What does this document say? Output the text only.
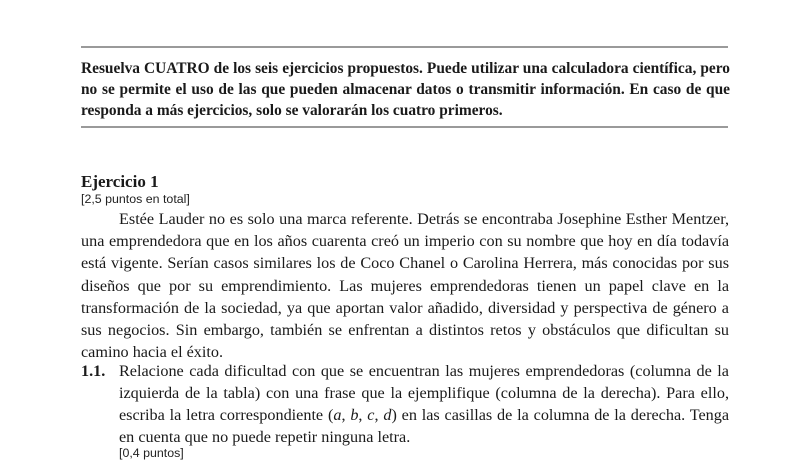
Resuelva CUATRO de los seis ejercicios propuestos. Puede utilizar una calculadora científica, pero no se permite el uso de las que pueden almacenar datos o transmitir información. En caso de que responda a más ejercicios, solo se valorarán los cuatro primeros.

Ejercicio 1
[2,5 puntos en total]

Estée Lauder no es solo una marca referente. Detrás se encontraba Josephine Esther Mentzer, una emprendedora que en los años cuarenta creó un imperio con su nombre que hoy en día todavía está vigente. Serían casos similares los de Coco Chanel o Carolina Herrera, más conocidas por sus diseños que por su emprendimiento. Las mujeres emprendedoras tienen un papel clave en la transformación de la sociedad, ya que aportan valor añadido, diversidad y perspectiva de género a sus negocios. Sin embargo, también se enfrentan a distintos retos y obstáculos que dificultan su camino hacia el éxito.

1.1. Relacione cada dificultad con que se encuentran las mujeres emprendedoras (columna de la izquierda de la tabla) con una frase que la ejemplifique (columna de la derecha). Para ello, escriba la letra correspondiente (a, b, c, d) en las casillas de la columna de la derecha. Tenga en cuenta que no puede repetir ninguna letra.

[0,4 puntos]
